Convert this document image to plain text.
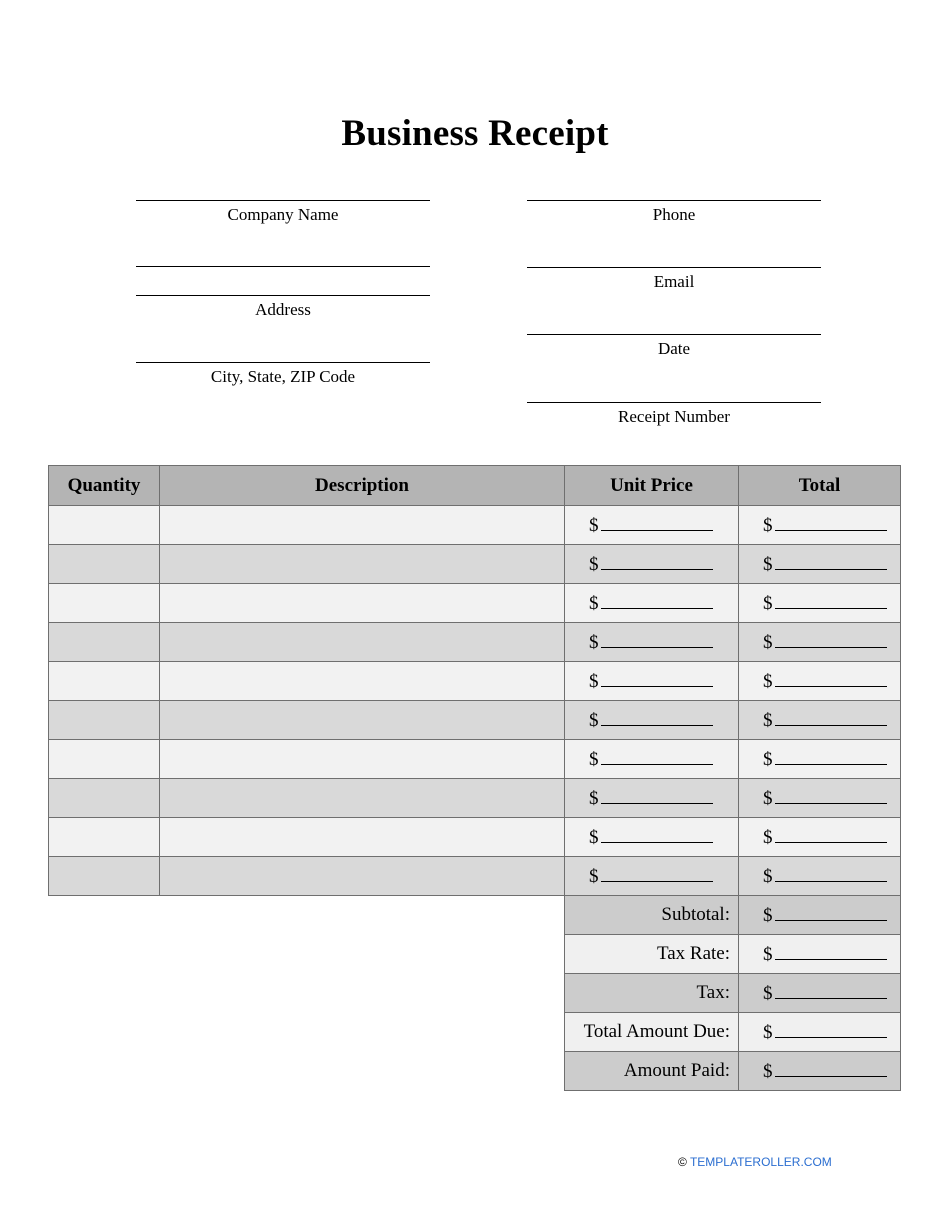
Business Receipt
Company Name
Address
City, State, ZIP Code
Phone
Email
Date
Receipt Number
Quantity	Description	Unit Price	Total
		$	$
		$	$
		$	$
		$	$
		$	$
		$	$
		$	$
		$	$
		$	$
		$	$
		Subtotal:	$
		Tax Rate:	$
		Tax:	$
		Total Amount Due:	$
		Amount Paid:	$
© TEMPLATEROLLER.COM
